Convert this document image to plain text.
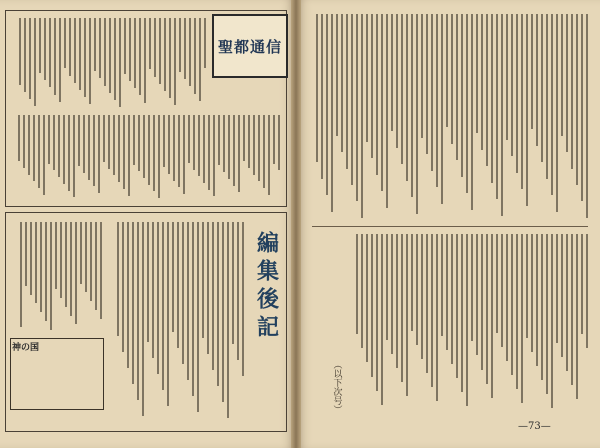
聖都通信
編集後記
神の国
（以下次号）
—73—
